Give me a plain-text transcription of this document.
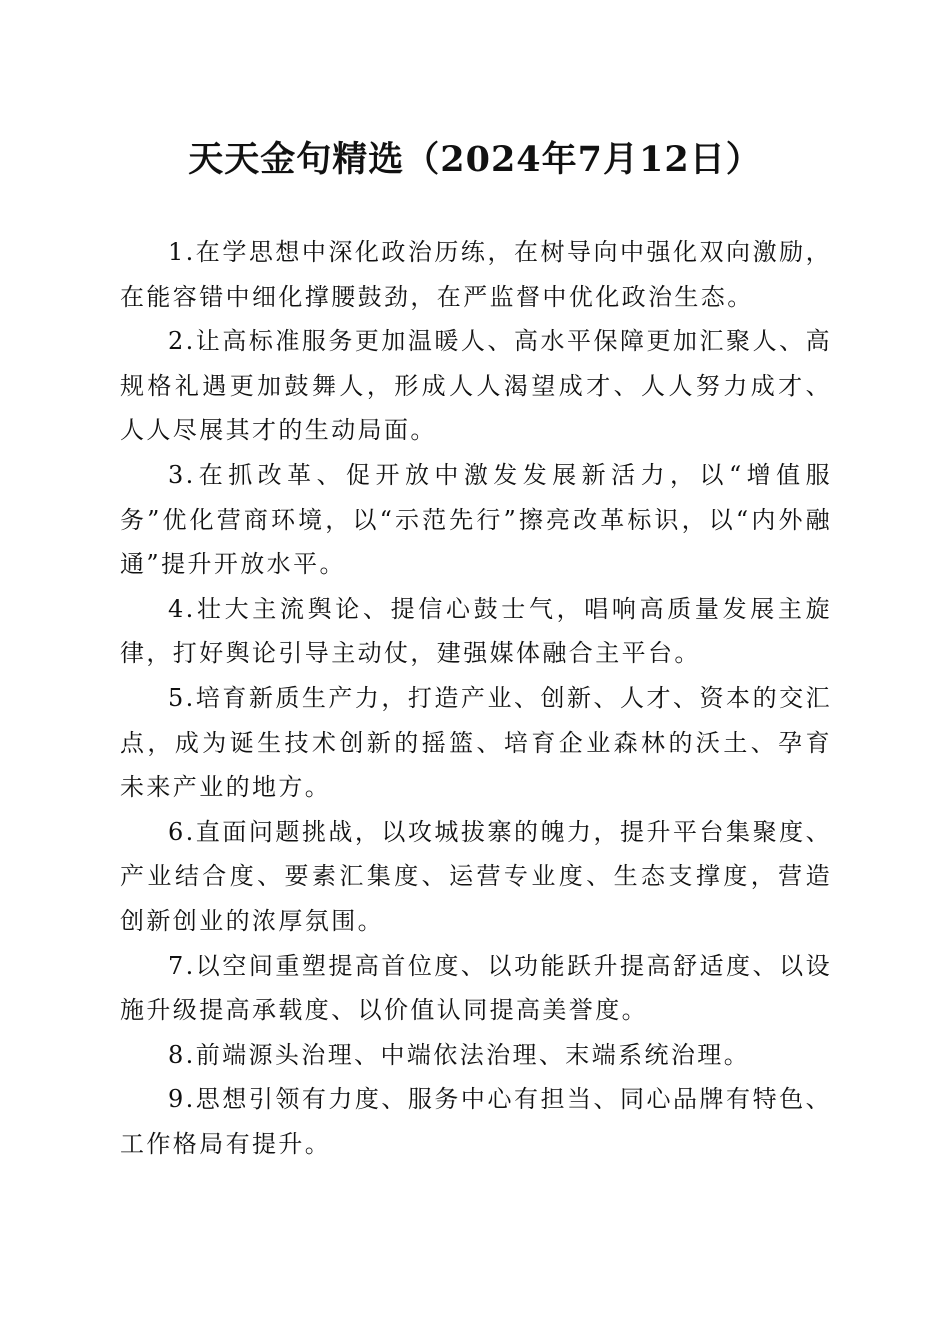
天天金句精选（2024年7月12日）

1.在学思想中深化政治历练，在树导向中强化双向激励，在能容错中细化撑腰鼓劲，在严监督中优化政治生态。

2.让高标准服务更加温暖人、高水平保障更加汇聚人、高规格礼遇更加鼓舞人，形成人人渴望成才、人人努力成才、人人尽展其才的生动局面。

3.在抓改革、促开放中激发发展新活力，以“增值服务”优化营商环境，以“示范先行”擦亮改革标识，以“内外融通”提升开放水平。

4.壮大主流舆论、提信心鼓士气，唱响高质量发展主旋律，打好舆论引导主动仗，建强媒体融合主平台。

5.培育新质生产力，打造产业、创新、人才、资本的交汇点，成为诞生技术创新的摇篮、培育企业森林的沃土、孕育未来产业的地方。

6.直面问题挑战，以攻城拔寨的魄力，提升平台集聚度、产业结合度、要素汇集度、运营专业度、生态支撑度，营造创新创业的浓厚氛围。

7.以空间重塑提高首位度、以功能跃升提高舒适度、以设施升级提高承载度、以价值认同提高美誉度。

8.前端源头治理、中端依法治理、末端系统治理。

9.思想引领有力度、服务中心有担当、同心品牌有特色、工作格局有提升。
